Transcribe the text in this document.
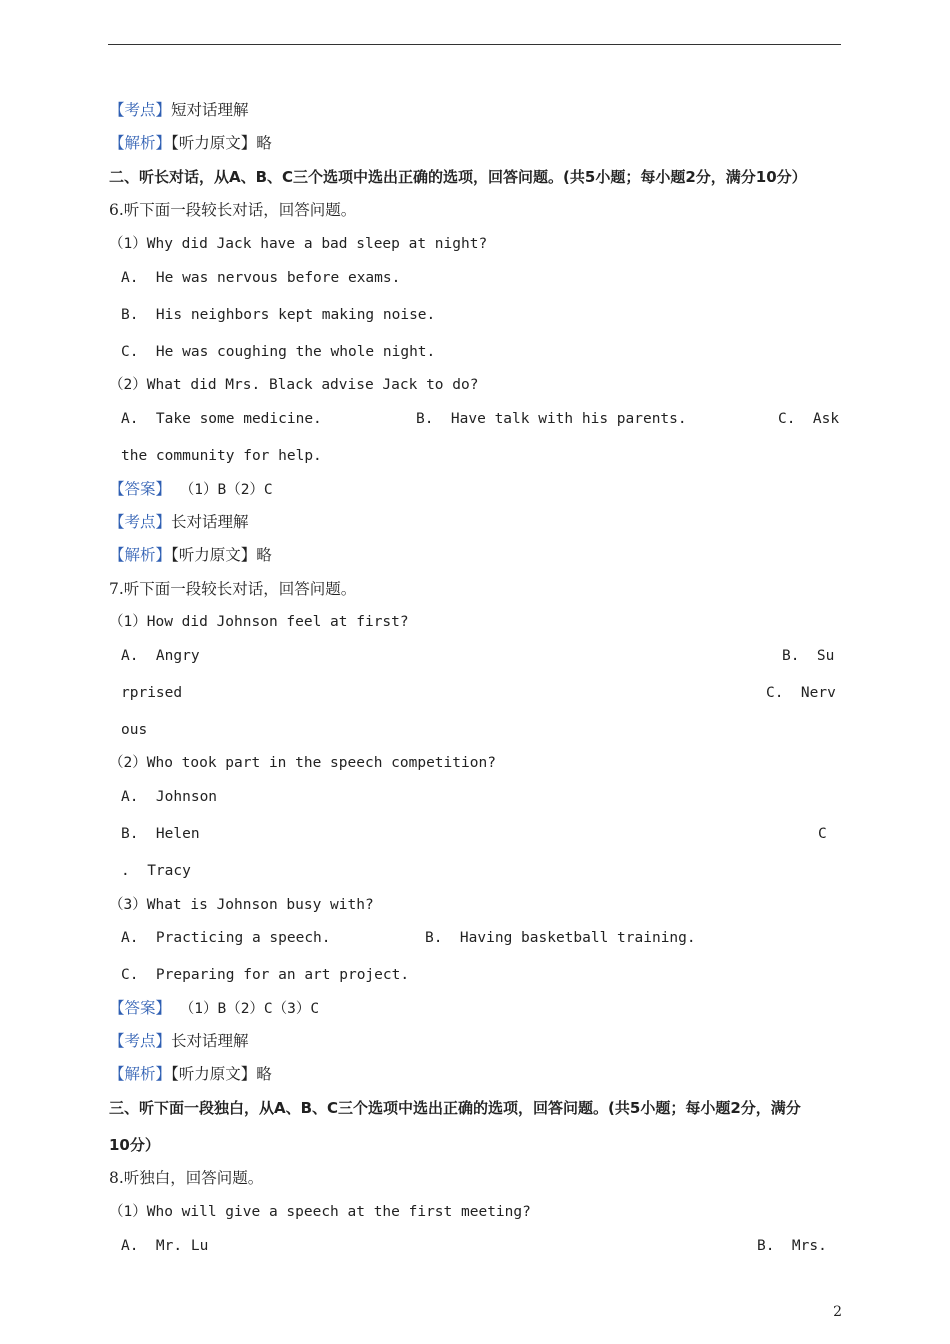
【考点】短对话理解
【解析】【听力原文】略
二、听长对话，从A、B、C三个选项中选出正确的选项，回答问题。(共5小题；每小题2分，满分10分）
6.听下面一段较长对话，回答问题。
（1）Why did Jack have a bad sleep at night?
A.  He was nervous before exams.
B.  His neighbors kept making noise.
C.  He was coughing the whole night.
（2）What did Mrs. Black advise Jack to do?
A.  Take some medicine.	B.  Have talk with his parents.	C.  Ask
the community for help.
【答案】 （1）B（2）C
【考点】长对话理解
【解析】【听力原文】略
7.听下面一段较长对话，回答问题。
（1）How did Johnson feel at first?
A.  Angry	B.  Su
rprised	C.  Nerv
ous
（2）Who took part in the speech competition?
A.  Johnson
B.  Helen	C
.  Tracy
（3）What is Johnson busy with?
A.  Practicing a speech.	B.  Having basketball training.
C.  Preparing for an art project.
【答案】 （1）B（2）C（3）C
【考点】长对话理解
【解析】【听力原文】略
三、听下面一段独白，从A、B、C三个选项中选出正确的选项，回答问题。(共5小题；每小题2分，满分
10分）
8.听独白，回答问题。
（1）Who will give a speech at the first meeting?
A.  Mr. Lu	B.  Mrs.
2
